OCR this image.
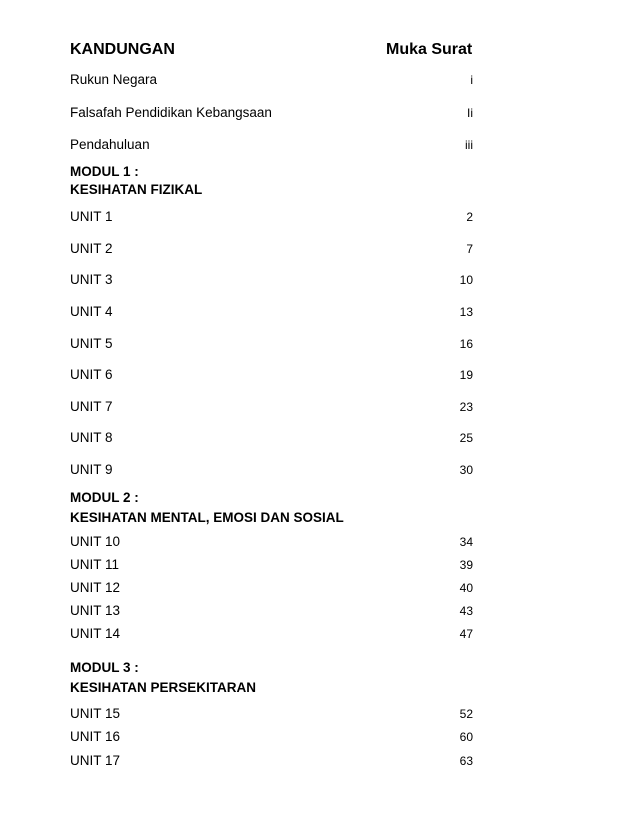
KANDUNGAN	Muka Surat
Rukun Negara	i
Falsafah Pendidikan Kebangsaan	Ii
Pendahuluan	iii
MODUL 1 :
KESIHATAN FIZIKAL
UNIT 1	2
UNIT 2	7
UNIT 3	10
UNIT 4	13
UNIT 5	16
UNIT 6	19
UNIT 7	23
UNIT 8	25
UNIT 9	30
MODUL 2 :
KESIHATAN MENTAL, EMOSI DAN SOSIAL
UNIT 10	34
UNIT 11	39
UNIT 12	40
UNIT 13	43
UNIT 14	47
MODUL 3 :
KESIHATAN PERSEKITARAN
UNIT 15	52
UNIT 16	60
UNIT 17	63
